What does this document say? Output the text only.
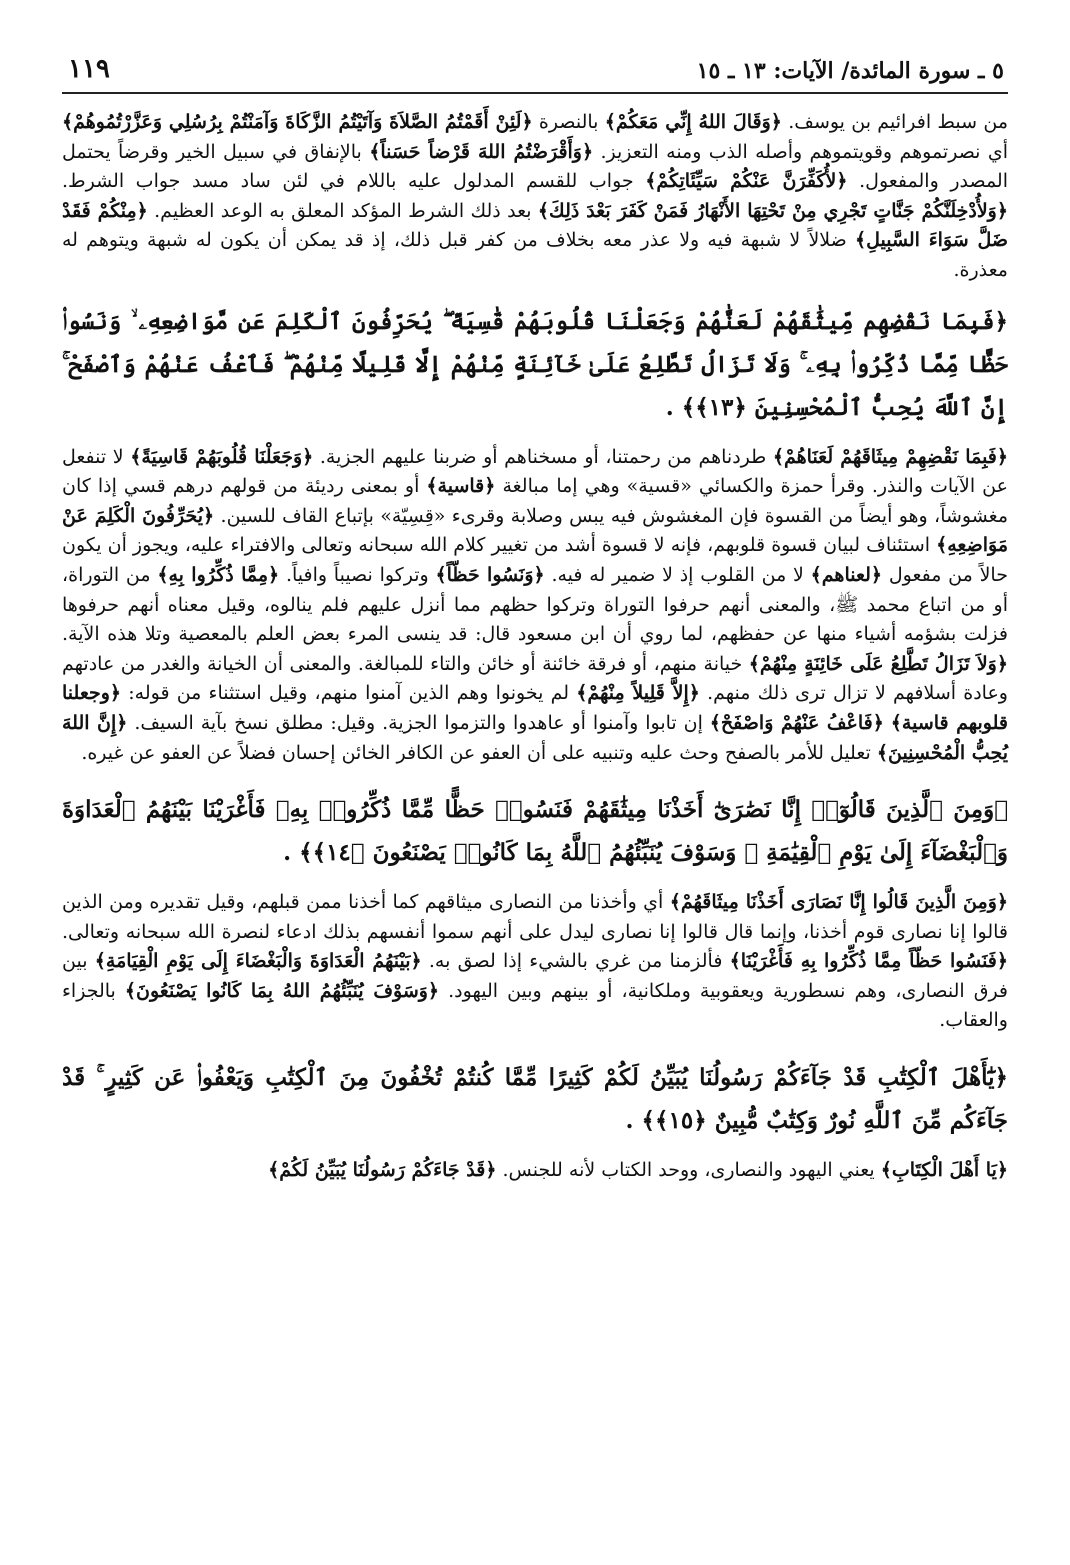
٥ ـ سورة المائدة/ الآيات: ١٣ ـ ١٥
١١٩

من سبط افرائيم بن يوسف. ﴿وَقَالَ اللهُ إِنِّي مَعَكُمْ﴾ بالنصرة ﴿لَئِنْ أَقَمْتُمُ الصَّلاَةَ وَآتَيْتُمُ الزَّكَاةَ وَآمَنْتُمْ بِرُسُلِي وَعَزَّرْتُمُوهُمْ﴾ أي نصرتموهم وقويتموهم وأصله الذب ومنه التعزيز. ﴿وَأَقْرَضْتُمُ اللهَ قَرْضاً حَسَناً﴾ بالإنفاق في سبيل الخير وقرضاً يحتمل المصدر والمفعول. ﴿لأُكَفِّرَنَّ عَنْكُمْ سَيِّئَاتِكُمْ﴾ جواب للقسم المدلول عليه باللام في لئن ساد مسد جواب الشرط. ﴿وَلأُدْخِلَنَّكُمْ جَنَّاتٍ تَجْرِي مِنْ تَحْتِهَا الأَنْهَارُ فَمَنْ كَفَرَ بَعْدَ ذَلِكَ﴾ بعد ذلك الشرط المؤكد المعلق به الوعد العظيم. ﴿مِنْكُمْ فَقَدْ ضَلَّ سَوَاءَ السَّبِيلِ﴾ ضلالاً لا شبهة فيه ولا عذر معه بخلاف من كفر قبل ذلك، إذ قد يمكن أن يكون له شبهة ويتوهم له معذرة.

﴿فَبِمَا نَقْضِهِم مِّيثَٰقَهُمْ لَعَنَّٰهُمْ وَجَعَلْنَا قُلُوبَهُمْ قَٰسِيَةً ۖ يُحَرِّفُونَ ٱلْكَلِمَ عَن مَّوَاضِعِهِۦ ۙ وَنَسُوا۟ حَظًّا مِّمَّا ذُكِّرُوا۟ بِهِۦ ۚ وَلَا تَزَالُ تَطَّلِعُ عَلَىٰ خَآئِنَةٍ مِّنْهُمْ إِلَّا قَلِيلًا مِّنْهُمْ ۖ فَٱعْفُ عَنْهُمْ وَٱصْفَحْ ۚ إِنَّ ٱللَّهَ يُحِبُّ ٱلْمُحْسِنِينَ ﴿١٣﴾﴾ .

﴿فَبِمَا نَقْضِهِمْ مِيثَاقَهُمْ لَعَنَاهُمْ﴾ طردناهم من رحمتنا، أو مسخناهم أو ضربنا عليهم الجزية. ﴿وَجَعَلْنَا قُلُوبَهُمْ قَاسِيَةً﴾ لا تنفعل عن الآيات والنذر. وقرأ حمزة والكسائي «قسية» وهي إما مبالغة ﴿قاسية﴾ أو بمعنى رديئة من قولهم درهم قسي إذا كان مغشوشاً، وهو أيضاً من القسوة فإن المغشوش فيه يبس وصلابة وقرىء «قِسِيّة» بإتباع القاف للسين. ﴿يُحَرِّفُونَ الْكَلِمَ عَنْ مَوَاضِعِهِ﴾ استئناف لبيان قسوة قلوبهم، فإنه لا قسوة أشد من تغيير كلام الله سبحانه وتعالى والافتراء عليه، ويجوز أن يكون حالاً من مفعول ﴿لعناهم﴾ لا من القلوب إذ لا ضمير له فيه. ﴿وَنَسُوا حَظّاً﴾ وتركوا نصيباً وافياً. ﴿مِمَّا ذُكِّرُوا بِهِ﴾ من التوراة، أو من اتباع محمد ﷺ، والمعنى أنهم حرفوا التوراة وتركوا حظهم مما أنزل عليهم فلم ينالوه، وقيل معناه أنهم حرفوها فزلت بشؤمه أشياء منها عن حفظهم، لما روي أن ابن مسعود قال: قد ينسى المرء بعض العلم بالمعصية وتلا هذه الآية. ﴿وَلاَ تَزَالُ تَطَّلِعُ عَلَى خَائِنَةٍ مِنْهُمْ﴾ خيانة منهم، أو فرقة خائنة أو خائن والتاء للمبالغة. والمعنى أن الخيانة والغدر من عادتهم وعادة أسلافهم لا تزال ترى ذلك منهم. ﴿إِلاَّ قَلِيلاً مِنْهُمْ﴾ لم يخونوا وهم الذين آمنوا منهم، وقيل استثناء من قوله: ﴿وجعلنا قلوبهم قاسية﴾ ﴿فَاعْفُ عَنْهُمْ وَاصْفَحْ﴾ إن تابوا وآمنوا أو عاهدوا والتزموا الجزية. وقيل: مطلق نسخ بآية السيف. ﴿إِنَّ اللهَ يُحِبُّ الْمُحْسِنِينَ﴾ تعليل للأمر بالصفح وحث عليه وتنبيه على أن العفو عن الكافر الخائن إحسان فضلاً عن العفو عن غيره.

﴿وَمِنَ ٱلَّذِينَ قَالُوٓا۟ إِنَّا نَصَٰرَىٰٓ أَخَذْنَا مِيثَٰقَهُمْ فَنَسُوا۟ حَظًّا مِّمَّا ذُكِّرُوا۟ بِهِۦ فَأَغْرَيْنَا بَيْنَهُمُ ٱلْعَدَاوَةَ وَٱلْبَغْضَآءَ إِلَىٰ يَوْمِ ٱلْقِيَٰمَةِ ۚ وَسَوْفَ يُنَبِّئُهُمُ ٱللَّهُ بِمَا كَانُوا۟ يَصْنَعُونَ ﴿١٤﴾﴾ .

﴿وَمِنَ الَّذِينَ قَالُوا إِنَّا نَصَارَى أَخَذْنَا مِيثَاقَهُمْ﴾ أي وأخذنا من النصارى ميثاقهم كما أخذنا ممن قبلهم، وقيل تقديره ومن الذين قالوا إنا نصارى قوم أخذنا، وإنما قال قالوا إنا نصارى ليدل على أنهم سموا أنفسهم بذلك ادعاء لنصرة الله سبحانه وتعالى. ﴿فَنَسُوا حَظّاً مِمَّا ذُكِّرُوا بِهِ فَأَغْرَيْنَا﴾ فألزمنا من غري بالشيء إذا لصق به. ﴿بَيْنَهُمُ الْعَدَاوَةَ وَالْبَغْضَاءَ إِلَى يَوْمِ الْقِيَامَةِ﴾ بين فرق النصارى، وهم نسطورية ويعقوبية وملكانية، أو بينهم وبين اليهود. ﴿وَسَوْفَ يُنَبِّئُهُمُ اللهُ بِمَا كَانُوا يَصْنَعُونَ﴾ بالجزاء والعقاب.

﴿يَٰٓأَهْلَ ٱلْكِتَٰبِ قَدْ جَآءَكُمْ رَسُولُنَا يُبَيِّنُ لَكُمْ كَثِيرًا مِّمَّا كُنتُمْ تُخْفُونَ مِنَ ٱلْكِتَٰبِ وَيَعْفُوا۟ عَن كَثِيرٍ ۚ قَدْ جَآءَكُم مِّنَ ٱللَّهِ نُورٌ وَكِتَٰبٌ مُّبِينٌ ﴿١٥﴾﴾ .

﴿يَا أَهْلَ الْكِتَابِ﴾ يعني اليهود والنصارى، ووحد الكتاب لأنه للجنس. ﴿قَدْ جَاءَكُمْ رَسُولُنَا يُبَيِّنُ لَكُمْ﴾
